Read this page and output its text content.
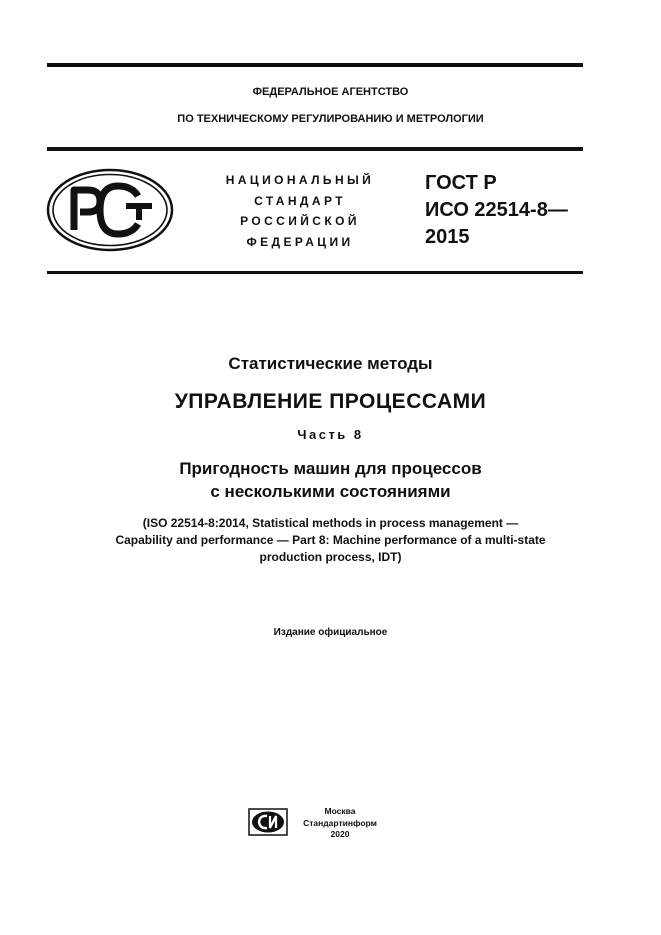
ФЕДЕРАЛЬНОЕ АГЕНТСТВО
ПО ТЕХНИЧЕСКОМУ РЕГУЛИРОВАНИЮ И МЕТРОЛОГИИ
НАЦИОНАЛЬНЫЙ
СТАНДАРТ
РОССИЙСКОЙ
ФЕДЕРАЦИИ
ГОСТ Р
ИСО 22514-8—
2015
Статистические методы
УПРАВЛЕНИЕ ПРОЦЕССАМИ
Часть 8
Пригодность машин для процессов
с несколькими состояниями
(ISO 22514-8:2014, Statistical methods in process management —
Capability and performance — Part 8: Machine performance of a multi-state
production process, IDT)
Издание официальное
Москва
Стандартинформ
2020
